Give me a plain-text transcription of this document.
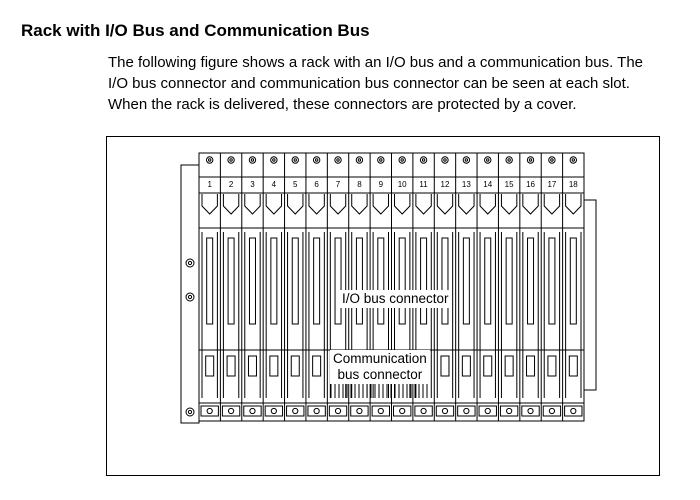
Rack with I/O Bus and Communication Bus

The following figure shows a rack with an I/O bus and a communication bus. The
I/O bus connector and communication bus connector can be seen at each slot.
When the rack is delivered, these connectors are protected by a cover.

1 2 3 4 5 6 7 8 9 10 11 12 13 14 15 16 17 18
I/O bus connector
Communication
bus connector
